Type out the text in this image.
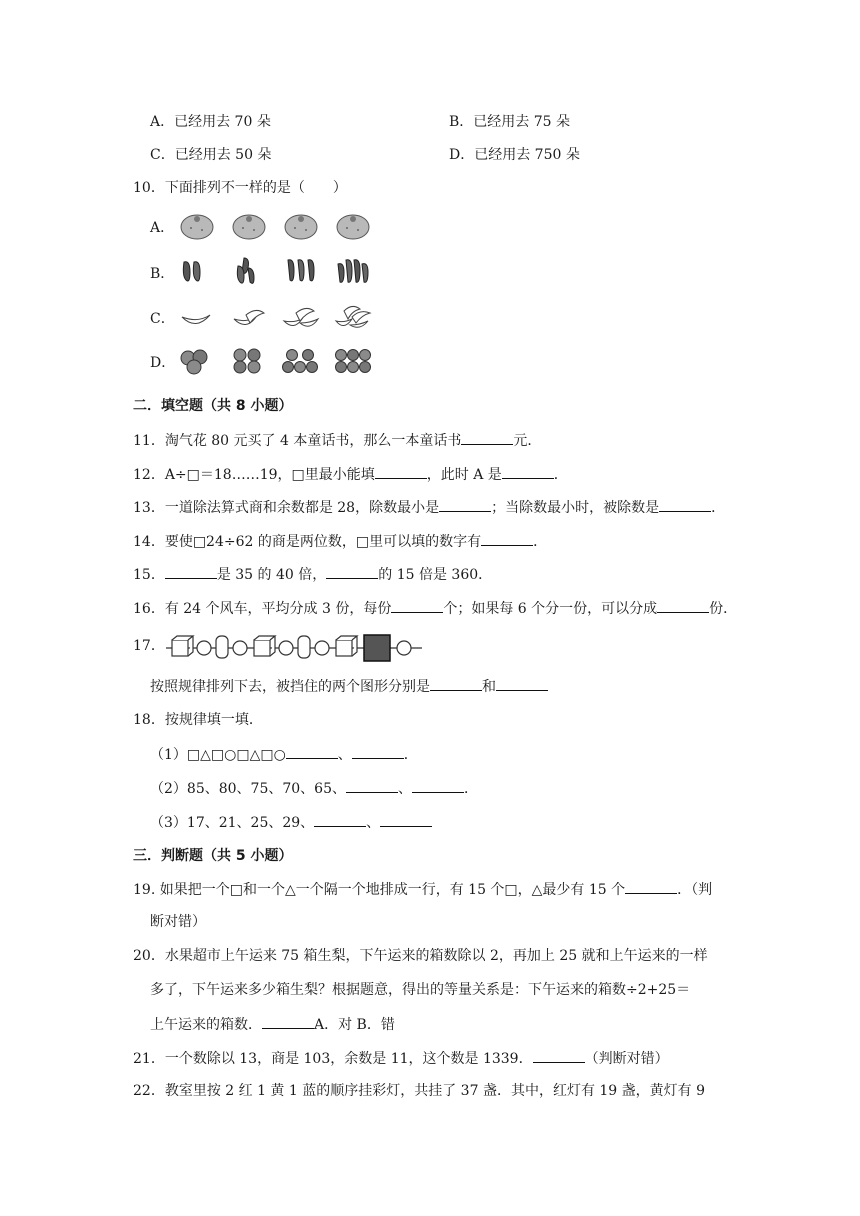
A．已经用去 70 朵	B．已经用去 75 朵
C．已经用去 50 朵	D．已经用去 750 朵
10．下面排列不一样的是（　　）
A．
B．
C．
D．
二．填空题（共 8 小题）
11．淘气花 80 元买了 4 本童话书，那么一本童话书	元．
12．A÷□＝18……19，□里最小能填	，此时 A 是	．
13．一道除法算式商和余数都是 28，除数最小是	；当除数最小时，被除数是	．
14．要使□24÷62 的商是两位数，□里可以填的数字有	．
15．	是 35 的 40 倍，	的 15 倍是 360．
16．有 24 个风车，平均分成 3 份，每份	个；如果每 6 个分一份，可以分成	份．
17．
按照规律排列下去，被挡住的两个图形分别是	和
18．按规律填一填．
（1）□△□○□△□○	、	．
（2）85、80、75、70、65、	、	．
（3）17、21、25、29、	、
三．判断题（共 5 小题）
19. 如果把一个□和一个△一个隔一个地排成一行，有 15 个□，△最少有 15 个	．（判
断对错）
20．水果超市上午运来 75 箱生梨，下午运来的箱数除以 2，再加上 25 就和上午运来的一样
多了，下午运来多少箱生梨？根据题意，得出的等量关系是：下午运来的箱数÷2+25＝
上午运来的箱数．	A．对 B．错
21．一个数除以 13，商是 103，余数是 11，这个数是 1339．	（判断对错）
22．教室里按 2 红 1 黄 1 蓝的顺序挂彩灯，共挂了 37 盏．其中，红灯有 19 盏，黄灯有 9
